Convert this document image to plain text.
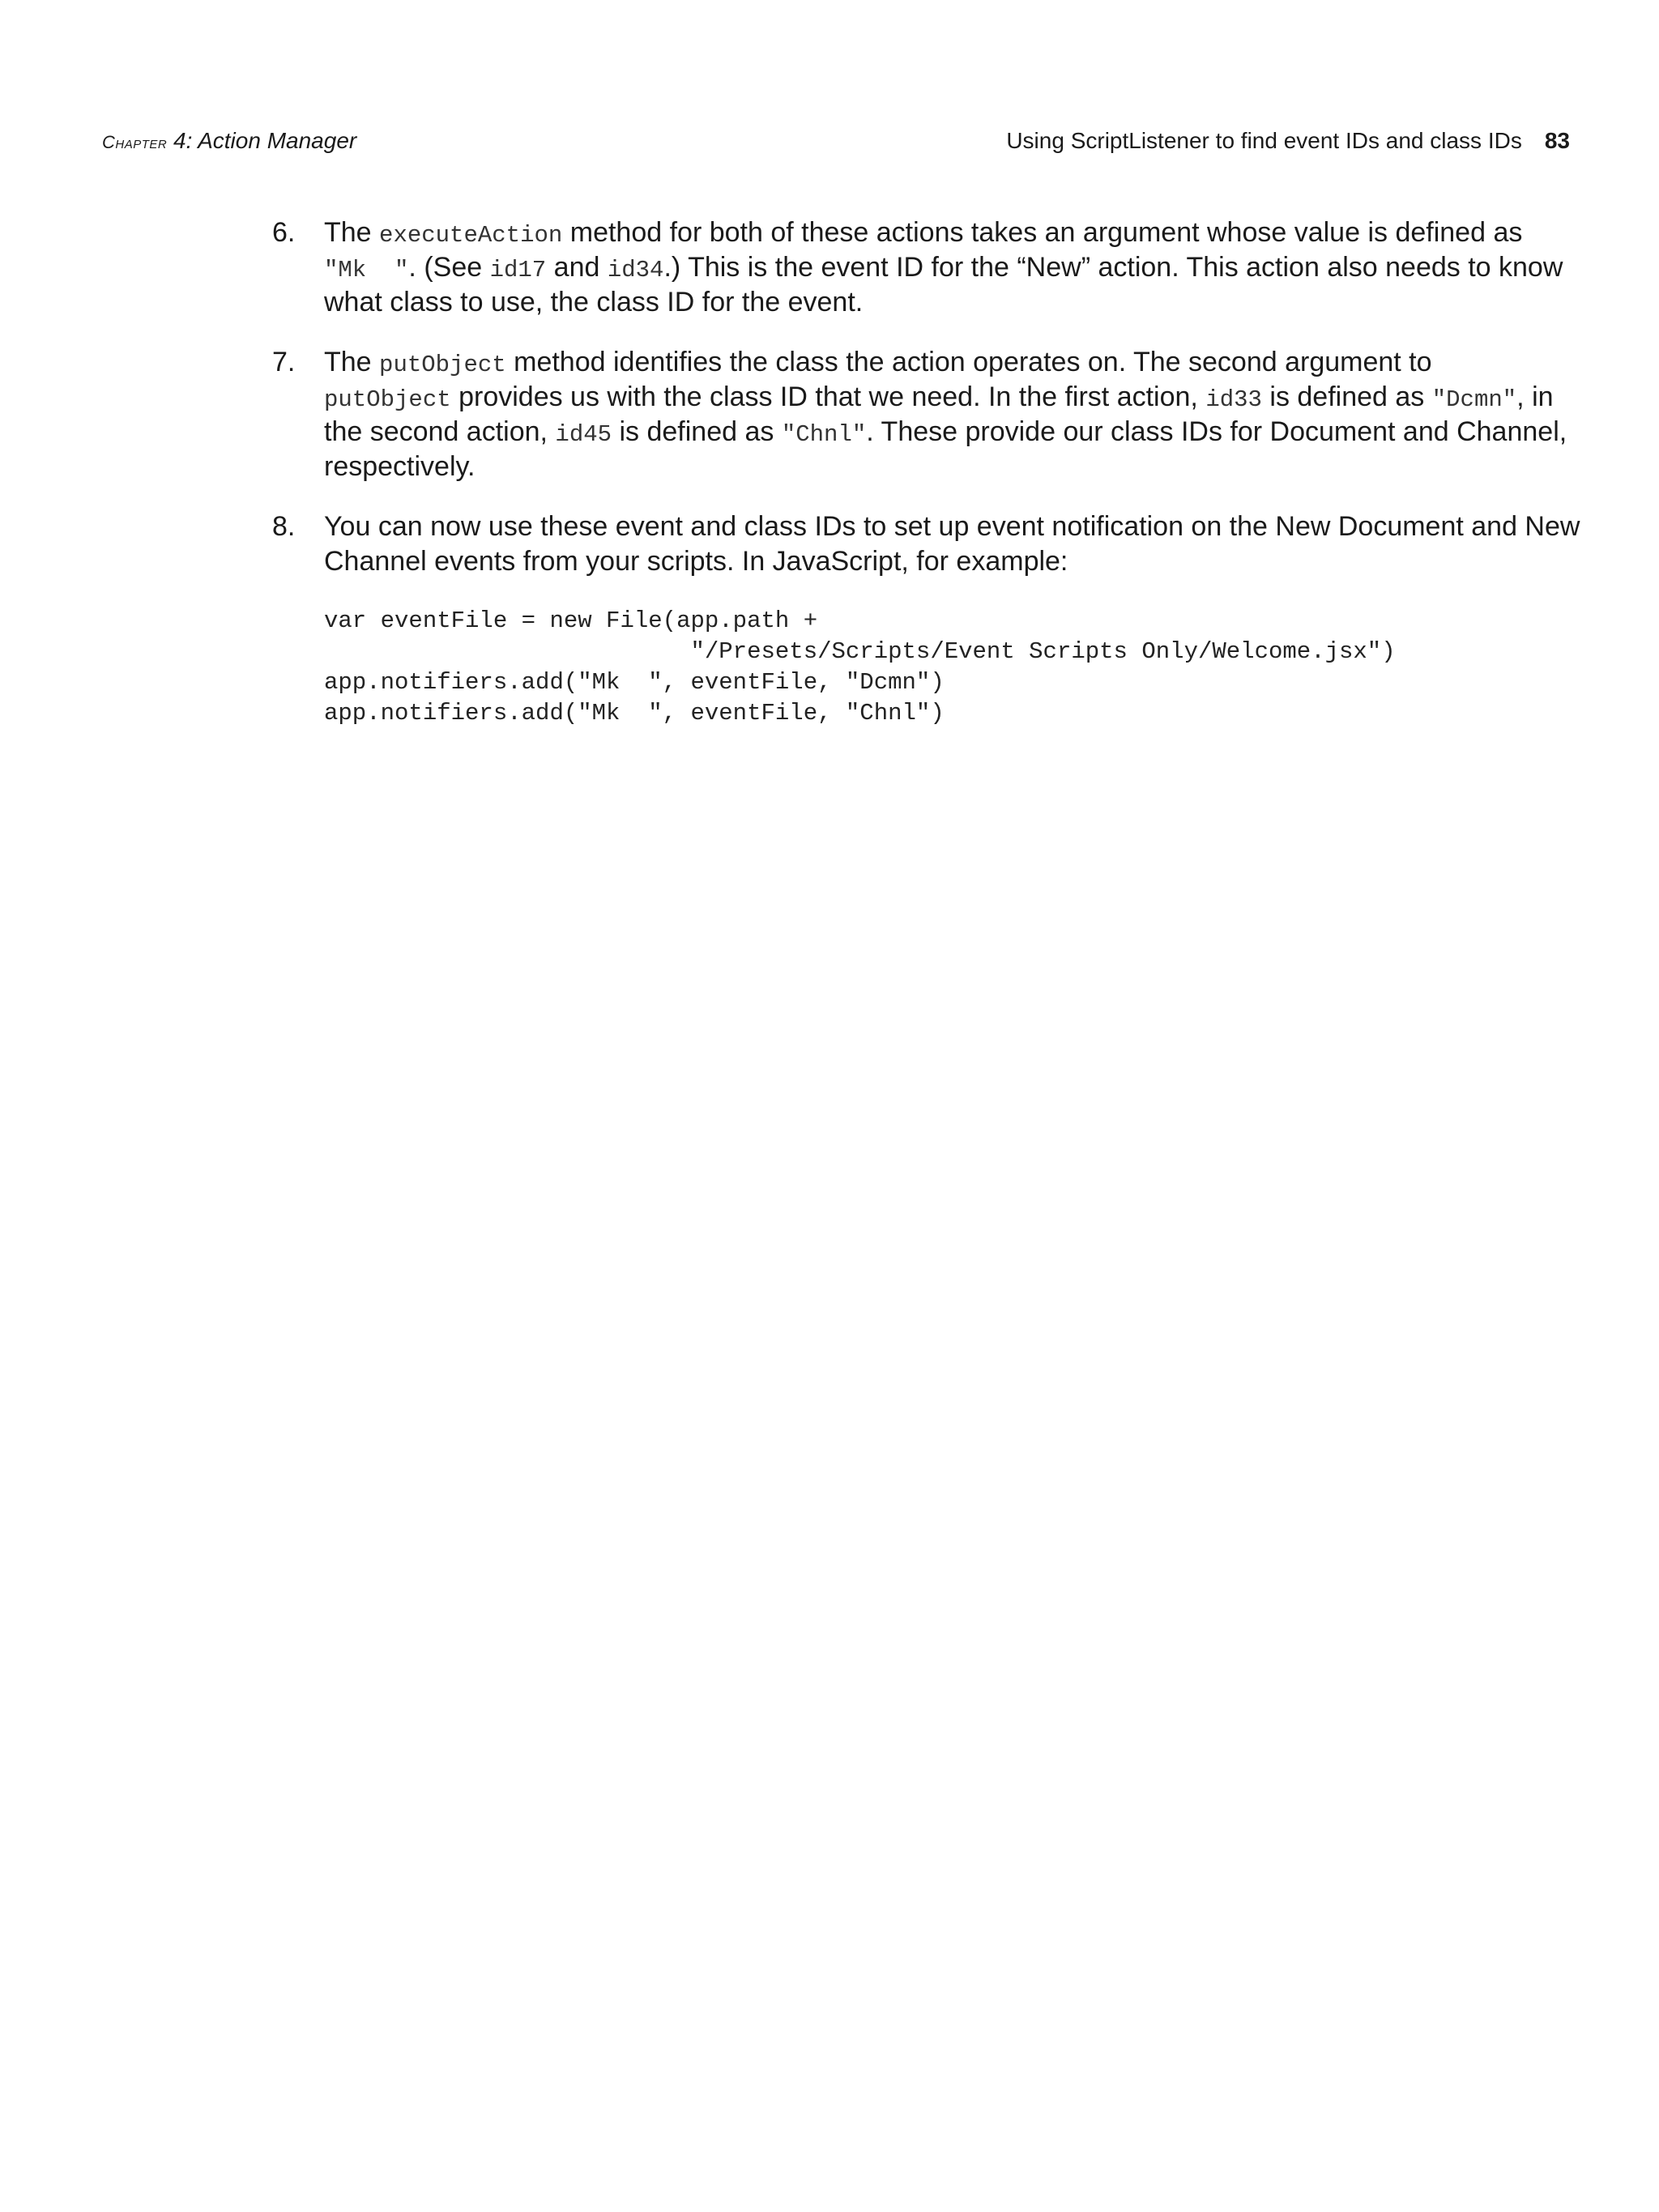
Chapter 4: Action Manager	Using ScriptListener to find event IDs and class IDs 83
6.	The executeAction method for both of these actions takes an argument whose value is defined as
"Mk  ". (See id17 and id34.) This is the event ID for the “New” action. This action also needs to know
what class to use, the class ID for the event.
7.	The putObject method identifies the class the action operates on. The second argument to
putObject provides us with the class ID that we need. In the first action, id33 is defined as "Dcmn", in
the second action, id45 is defined as "Chnl". These provide our class IDs for Document and Channel,
respectively.
8.	You can now use these event and class IDs to set up event notification on the New Document and New
Channel events from your scripts. In JavaScript, for example:
var eventFile = new File(app.path +
"/Presets/Scripts/Event Scripts Only/Welcome.jsx")
app.notifiers.add("Mk  ", eventFile, "Dcmn")
app.notifiers.add("Mk  ", eventFile, "Chnl")
